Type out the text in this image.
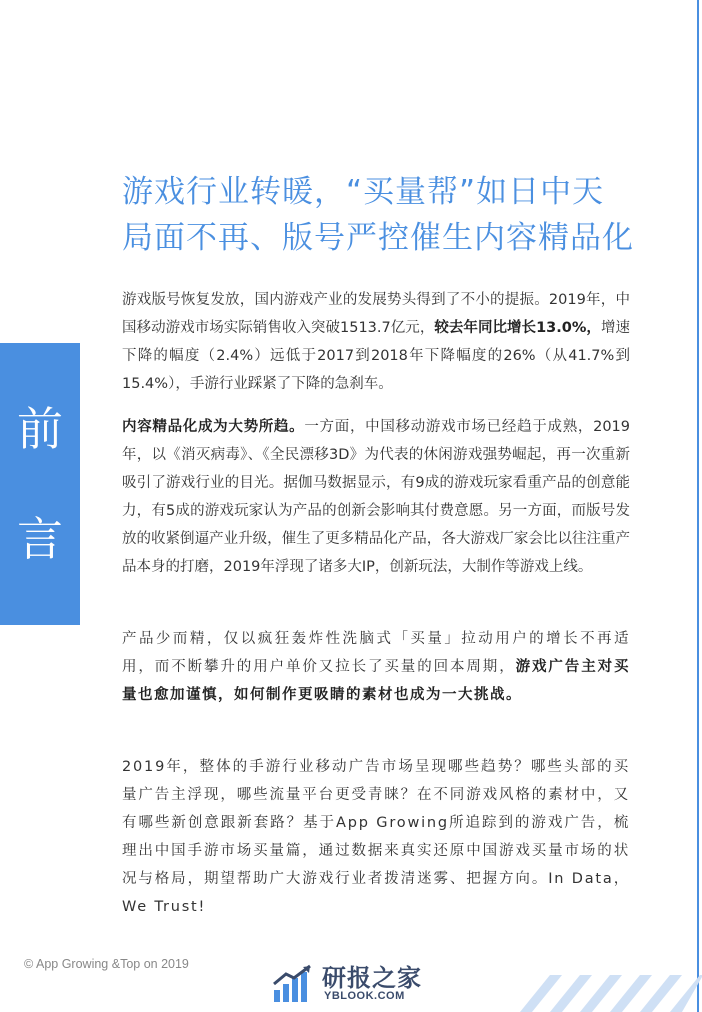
游戏行业转暖，“买量帮”如日中天
局面不再、版号严控催生内容精品化
前
言

游戏版号恢复发放，国内游戏产业的发展势头得到了不小的提振。2019年，中国移动游戏市场实际销售收入突破1513.7亿元，较去年同比增长13.0%，增速下降的幅度（2.4%）远低于2017到2018年下降幅度的26%（从41.7%到15.4%），手游行业踩紧了下降的急刹车。

内容精品化成为大势所趋。一方面，中国移动游戏市场已经趋于成熟，2019年，以《消灭病毒》、《全民漂移3D》为代表的休闲游戏强势崛起，再一次重新吸引了游戏行业的目光。据伽马数据显示，有9成的游戏玩家看重产品的创意能力，有5成的游戏玩家认为产品的创新会影响其付费意愿。另一方面，而版号发放的收紧倒逼产业升级，催生了更多精品化产品，各大游戏厂家会比以往注重产品本身的打磨，2019年浮现了诸多大IP，创新玩法，大制作等游戏上线。

产品少而精，仅以疯狂轰炸性洗脑式「买量」拉动用户的增长不再适用，而不断攀升的用户单价又拉长了买量的回本周期，游戏广告主对买量也愈加谨慎，如何制作更吸睛的素材也成为一大挑战。

2019年，整体的手游行业移动广告市场呈现哪些趋势？哪些头部的买量广告主浮现，哪些流量平台更受青睐？在不同游戏风格的素材中，又有哪些新创意跟新套路？基于App Growing所追踪到的游戏广告，梳理出中国手游市场买量篇，通过数据来真实还原中国游戏买量市场的状况与格局，期望帮助广大游戏行业者拨清迷雾、把握方向。In Data，We Trust!

© App Growing &Top on 2019	研报之家
YBLOOK.COM
